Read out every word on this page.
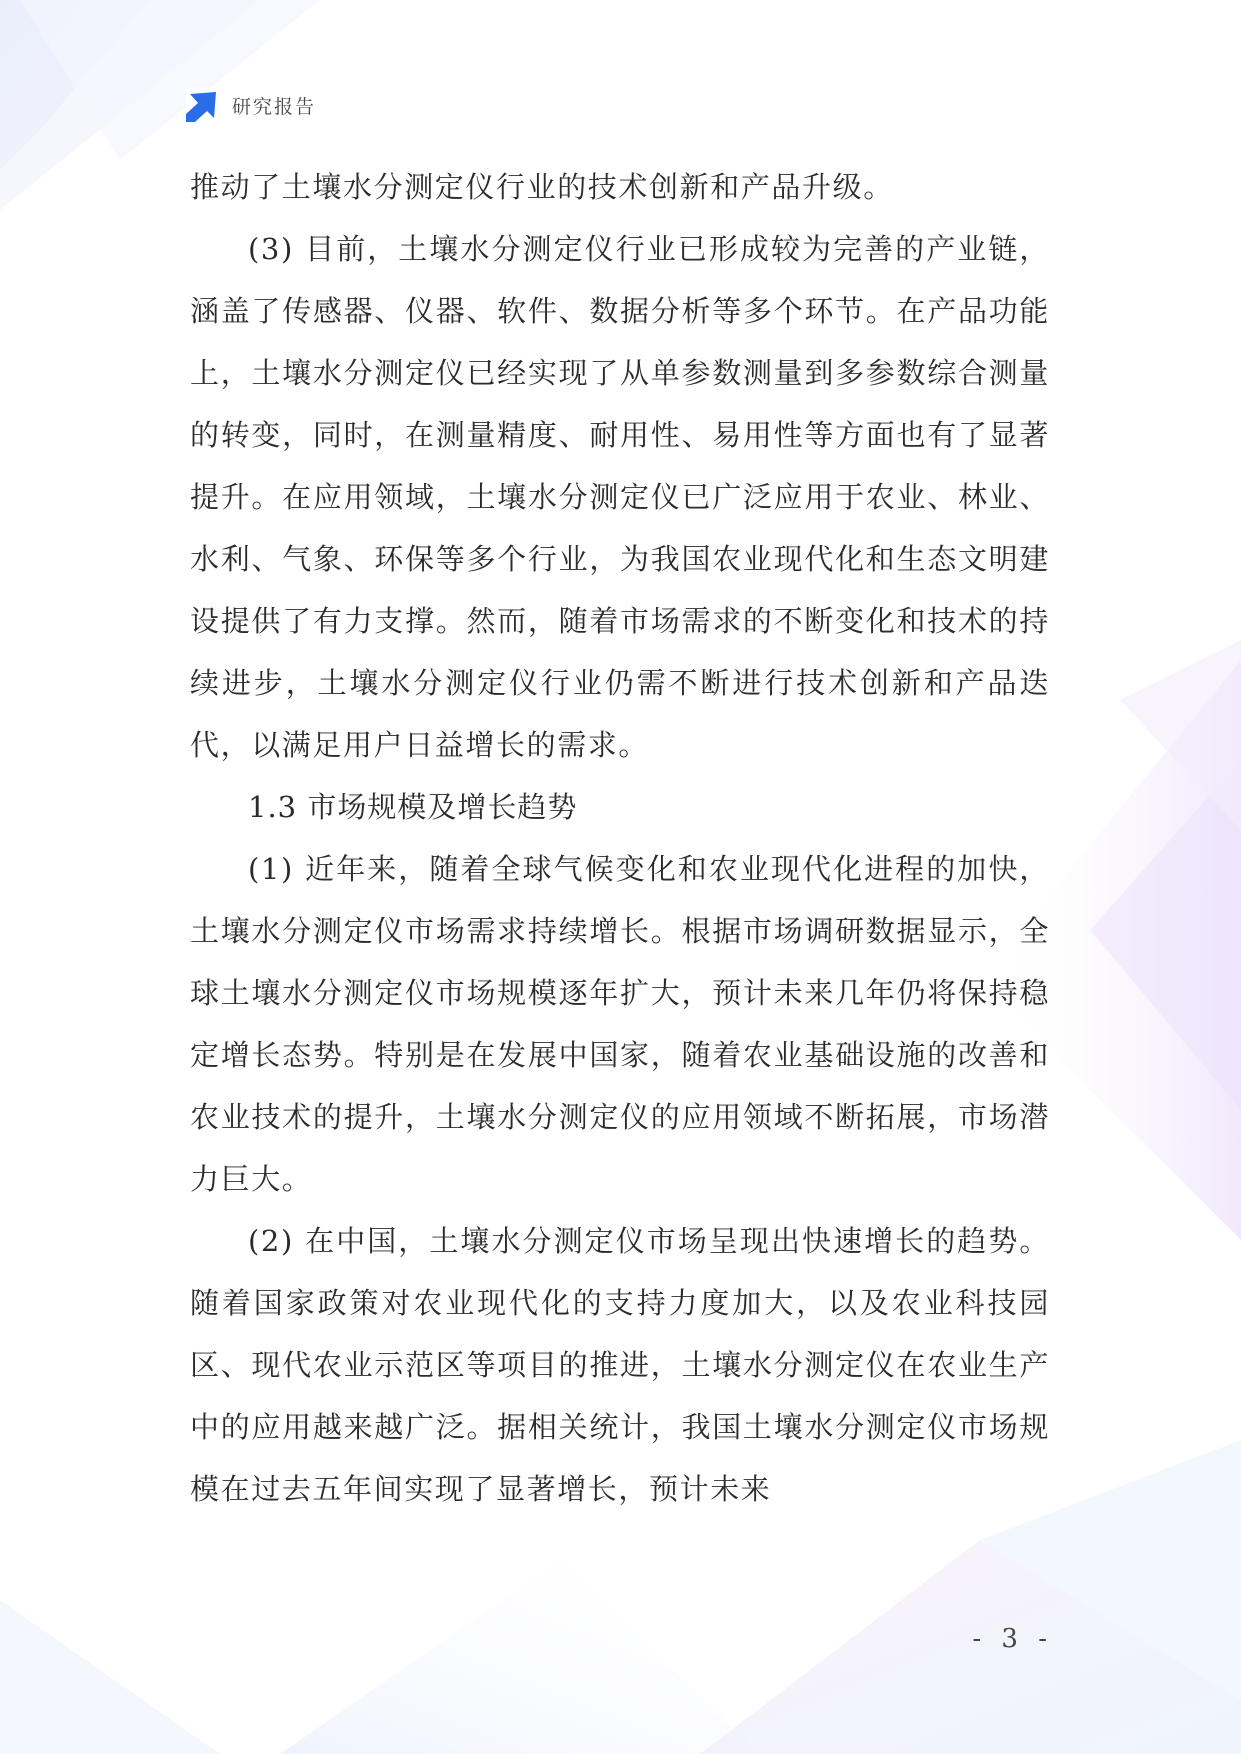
研究报告

推动了土壤水分测定仪行业的技术创新和产品升级。

(3) 目前，土壤水分测定仪行业已形成较为完善的产业链，涵盖了传感器、仪器、软件、数据分析等多个环节。在产品功能上，土壤水分测定仪已经实现了从单参数测量到多参数综合测量的转变，同时，在测量精度、耐用性、易用性等方面也有了显著提升。在应用领域，土壤水分测定仪已广泛应用于农业、林业、水利、气象、环保等多个行业，为我国农业现代化和生态文明建设提供了有力支撑。然而，随着市场需求的不断变化和技术的持续进步，土壤水分测定仪行业仍需不断进行技术创新和产品迭代，以满足用户日益增长的需求。

1.3 市场规模及增长趋势

(1) 近年来，随着全球气候变化和农业现代化进程的加快，土壤水分测定仪市场需求持续增长。根据市场调研数据显示，全球土壤水分测定仪市场规模逐年扩大，预计未来几年仍将保持稳定增长态势。特别是在发展中国家，随着农业基础设施的改善和农业技术的提升，土壤水分测定仪的应用领域不断拓展，市场潜力巨大。

(2) 在中国，土壤水分测定仪市场呈现出快速增长的趋势。随着国家政策对农业现代化的支持力度加大，以及农业科技园区、现代农业示范区等项目的推进，土壤水分测定仪在农业生产中的应用越来越广泛。据相关统计，我国土壤水分测定仪市场规模在过去五年间实现了显著增长，预计未来

- 3 -
